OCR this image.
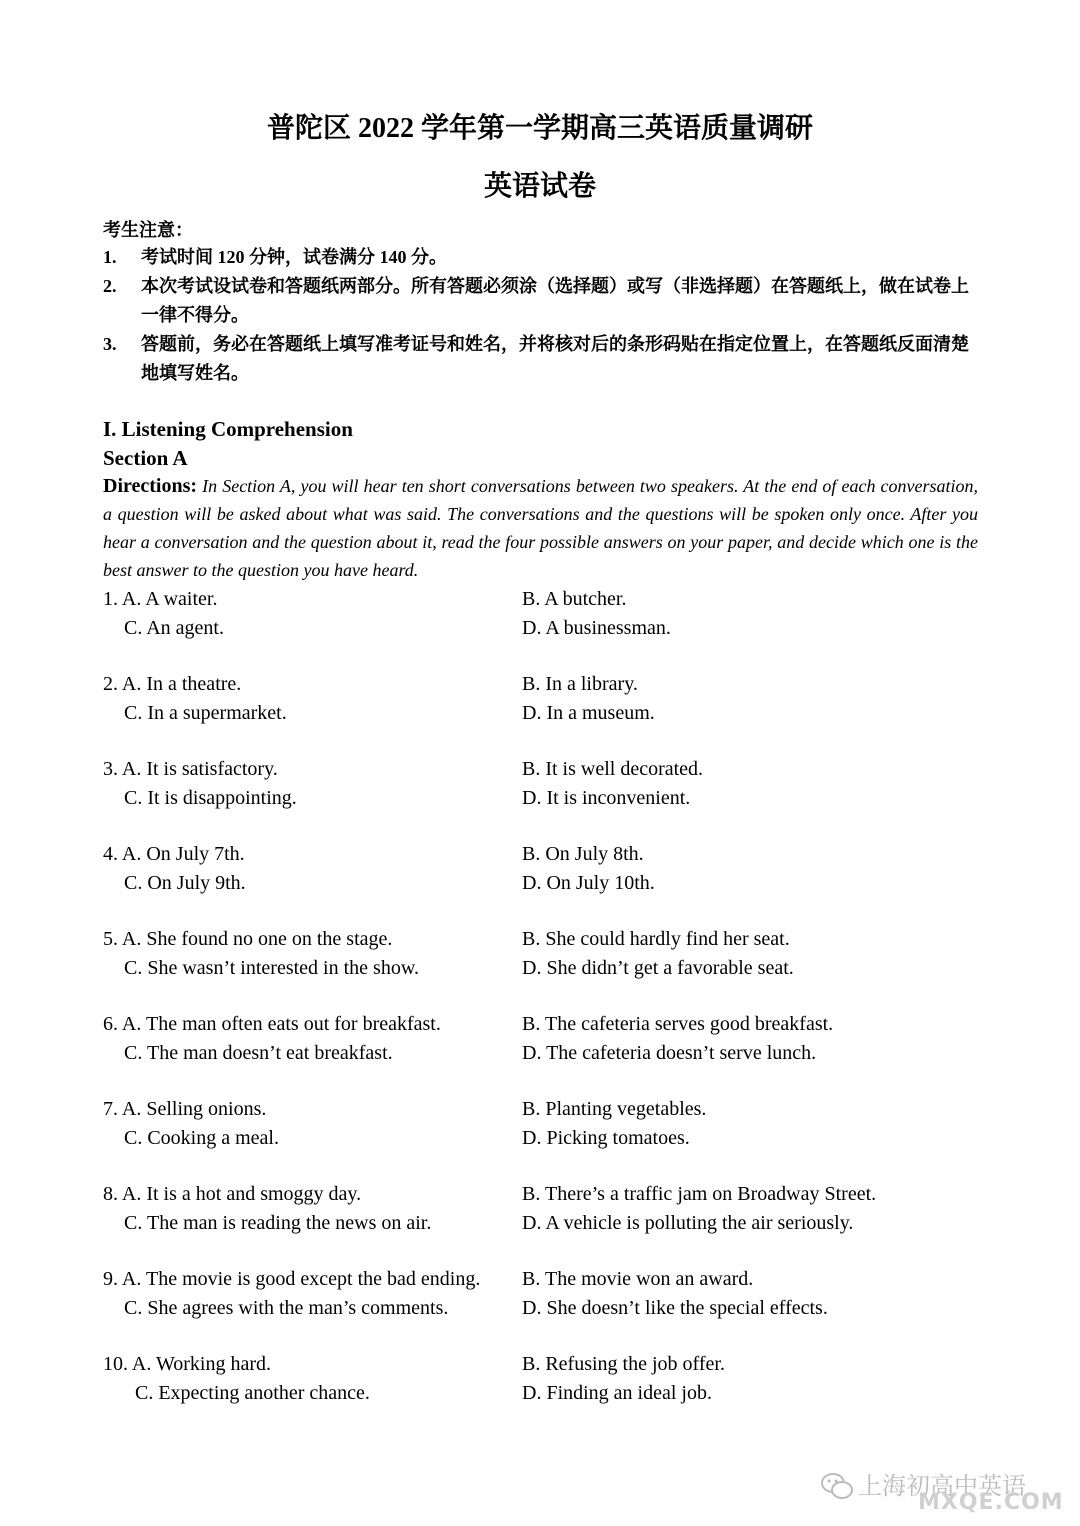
普陀区 2022 学年第一学期高三英语质量调研
英语试卷
考生注意：
1. 考试时间 120 分钟，试卷满分 140 分。
2. 本次考试设试卷和答题纸两部分。所有答题必须涂（选择题）或写（非选择题）在答题纸上，做在试卷上一律不得分。
3. 答题前，务必在答题纸上填写准考证号和姓名，并将核对后的条形码贴在指定位置上，在答题纸反面清楚地填写姓名。
I. Listening Comprehension
Section A
Directions: In Section A, you will hear ten short conversations between two speakers. At the end of each conversation, a question will be asked about what was said. The conversations and the questions will be spoken only once. After you hear a conversation and the question about it, read the four possible answers on your paper, and decide which one is the best answer to the question you have heard.
1. A. A waiter.	B. A butcher.
C. An agent.	D. A businessman.
2. A. In a theatre.	B. In a library.
C. In a supermarket.	D. In a museum.
3. A. It is satisfactory.	B. It is well decorated.
C. It is disappointing.	D. It is inconvenient.
4. A. On July 7th.	B. On July 8th.
C. On July 9th.	D. On July 10th.
5. A. She found no one on the stage.	B. She could hardly find her seat.
C. She wasn’t interested in the show.	D. She didn’t get a favorable seat.
6. A. The man often eats out for breakfast.	B. The cafeteria serves good breakfast.
C. The man doesn’t eat breakfast.	D. The cafeteria doesn’t serve lunch.
7. A. Selling onions.	B. Planting vegetables.
C. Cooking a meal.	D. Picking tomatoes.
8. A. It is a hot and smoggy day.	B. There’s a traffic jam on Broadway Street.
C. The man is reading the news on air.	D. A vehicle is polluting the air seriously.
9. A. The movie is good except the bad ending. B. The movie won an award.
C. She agrees with the man’s comments.	D. She doesn’t like the special effects.
10. A. Working hard.	B. Refusing the job offer.
C. Expecting another chance.	D. Finding an ideal job.
上海初高中英语
MXQE.COM
